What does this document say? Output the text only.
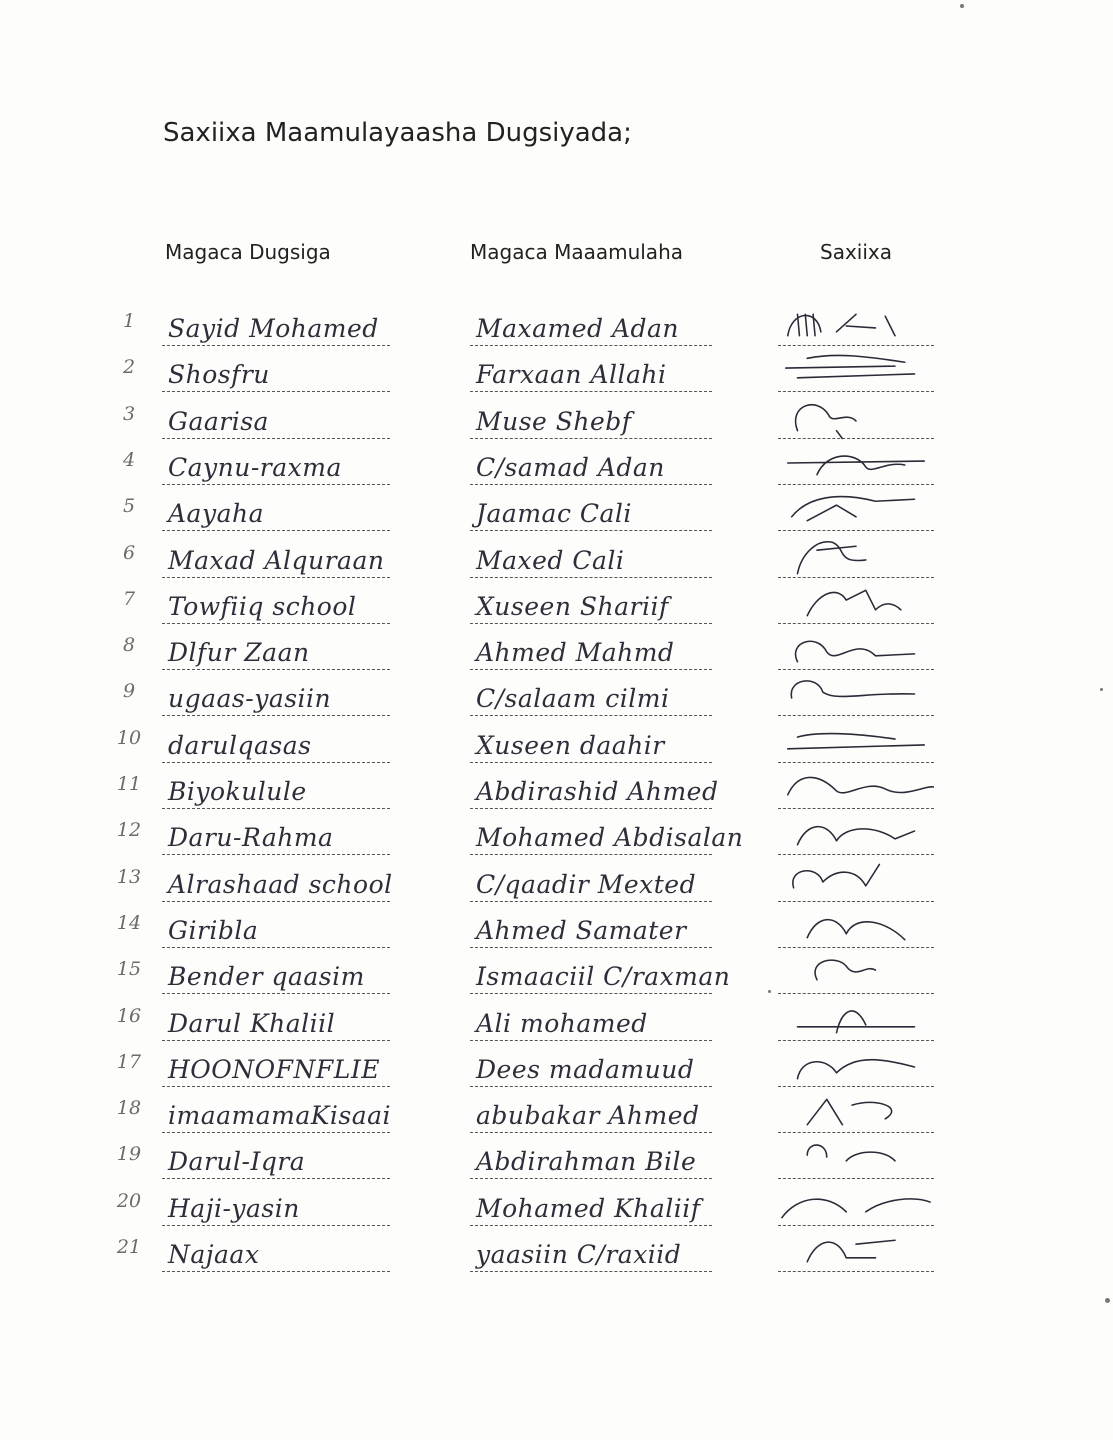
Saxiixa Maamulayaasha Dugsiyada;
Magaca Dugsiga	Magaca Maaamulaha	Saxiixa
1	Sayid Mohamed	Maxamed Adan
2	Shosfru	Farxaan Allahi
3	Gaarisa	Muse Shebf
4	Caynu-raxma	C/samad Adan
5	Aayaha	Jaamac Cali
6	Maxad Alquraan	Maxed Cali
7	Towfiiq school	Xuseen Shariif
8	Dlfur Zaan	Ahmed Mahmd
9	ugaas-yasiin	C/salaam cilmi
10 darulqasas	Xuseen daahir
11 Biyokulule	Abdirashid Ahmed
12 Daru-Rahma	Mohamed Abdisalan
13 Alrashaad school	C/qaadir Mexted
14 Giribla	Ahmed Samater
15 Bender qaasim	Ismaaciil C/raxman
16 Darul Khaliil	Ali mohamed
17 HOONOFNFLIE	Dees madamuud
18 imaamamaKisaai	abubakar Ahmed
19 Darul-Iqra	Abdirahman Bile
20 Haji-yasin	Mohamed Khaliif
21 Najaax	yaasiin C/raxiid
